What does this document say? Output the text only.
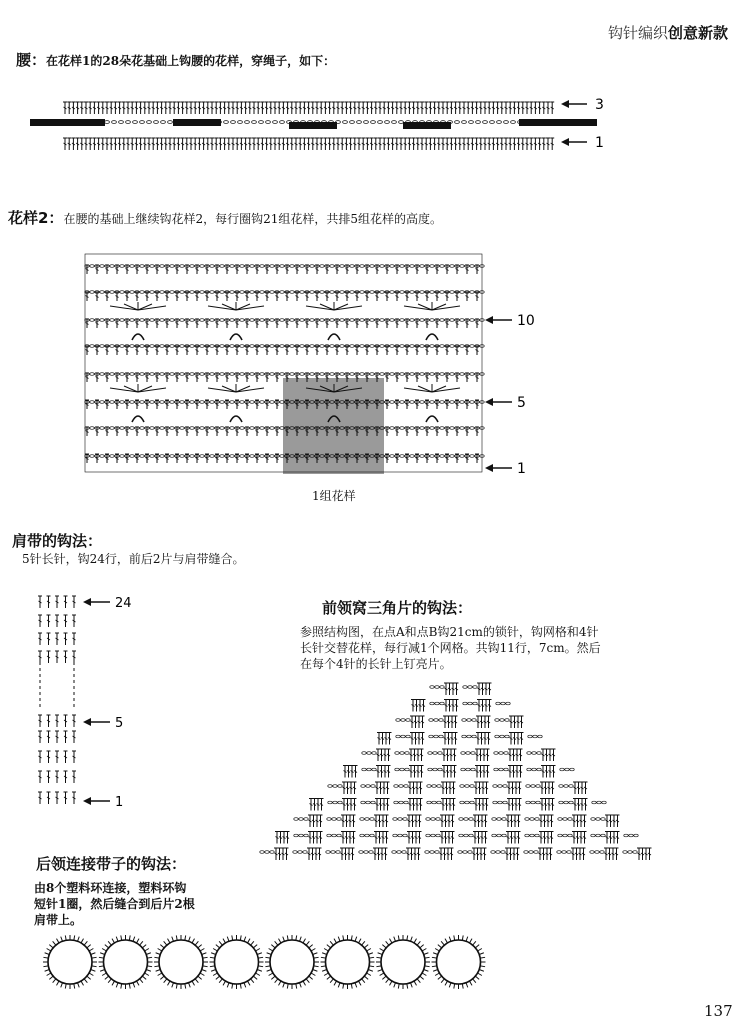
钩针编织创意新款
腰：在花样1的28朵花基础上钩腰的花样，穿绳子，如下：
3
1
花样2：在腰的基础上继续钩花样2，每行圈钩21组花样，共排5组花样的高度。
10
5
1
1组花样
肩带的钩法：
5针长针，钩24行，前后2片与肩带缝合。
24
5
1
前领窝三角片的钩法：
参照结构图，在点A和点B钩21cm的锁针，钩网格和4针
长针交替花样，每行减1个网格。共钩11行，7cm。然后
在每个4针的长针上钉亮片。
后领连接带子的钩法：
由8个塑料环连接，塑料环钩
短针1圈，然后缝合到后片2根
肩带上。
137
